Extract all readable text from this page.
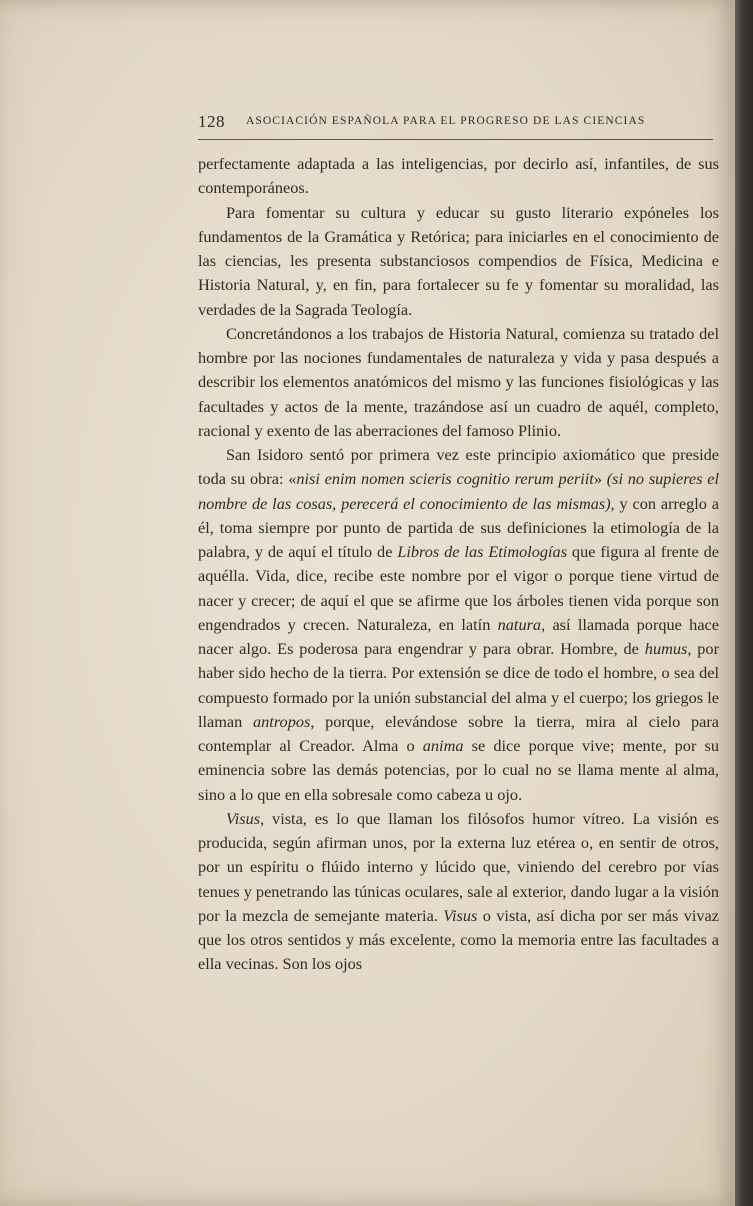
128 ASOCIACIÓN ESPAÑOLA PARA EL PROGRESO DE LAS CIENCIAS

perfectamente adaptada a las inteligencias, por decirlo así, infantiles, de sus contemporáneos.

Para fomentar su cultura y educar su gusto literario expóneles los fundamentos de la Gramática y Retórica; para iniciarles en el conocimiento de las ciencias, les presenta substanciosos compendios de Física, Medicina e Historia Natural, y, en fin, para fortalecer su fe y fomentar su moralidad, las verdades de la Sagrada Teología.

Concretándonos a los trabajos de Historia Natural, comienza su tratado del hombre por las nociones fundamentales de naturaleza y vida y pasa después a describir los elementos anatómicos del mismo y las funciones fisiológicas y las facultades y actos de la mente, trazándose así un cuadro de aquél, completo, racional y exento de las aberraciones del famoso Plinio.

San Isidoro sentó por primera vez este principio axiomático que preside toda su obra: «nisi enim nomen scieris cognitio rerum periit» (si no supieres el nombre de las cosas, perecerá el conocimiento de las mismas), y con arreglo a él, toma siempre por punto de partida de sus definiciones la etimología de la palabra, y de aquí el título de Libros de las Etimologías que figura al frente de aquélla. Vida, dice, recibe este nombre por el vigor o porque tiene virtud de nacer y crecer; de aquí el que se afirme que los árboles tienen vida porque son engendrados y crecen. Naturaleza, en latín natura, así llamada porque hace nacer algo. Es poderosa para engendrar y para obrar. Hombre, de humus, por haber sido hecho de la tierra. Por extensión se dice de todo el hombre, o sea del compuesto formado por la unión substancial del alma y el cuerpo; los griegos le llaman antropos, porque, elevándose sobre la tierra, mira al cielo para contemplar al Creador. Alma o anima se dice porque vive; mente, por su eminencia sobre las demás potencias, por lo cual no se llama mente al alma, sino a lo que en ella sobresale como cabeza u ojo.

Visus, vista, es lo que llaman los filósofos humor vítreo. La visión es producida, según afirman unos, por la externa luz etérea o, en sentir de otros, por un espíritu o flúido interno y lúcido que, viniendo del cerebro por vías tenues y penetrando las túnicas oculares, sale al exterior, dando lugar a la visión por la mezcla de semejante materia. Visus o vista, así dicha por ser más vivaz que los otros sentidos y más excelente, como la memoria entre las facultades a ella vecinas. Son los ojos
